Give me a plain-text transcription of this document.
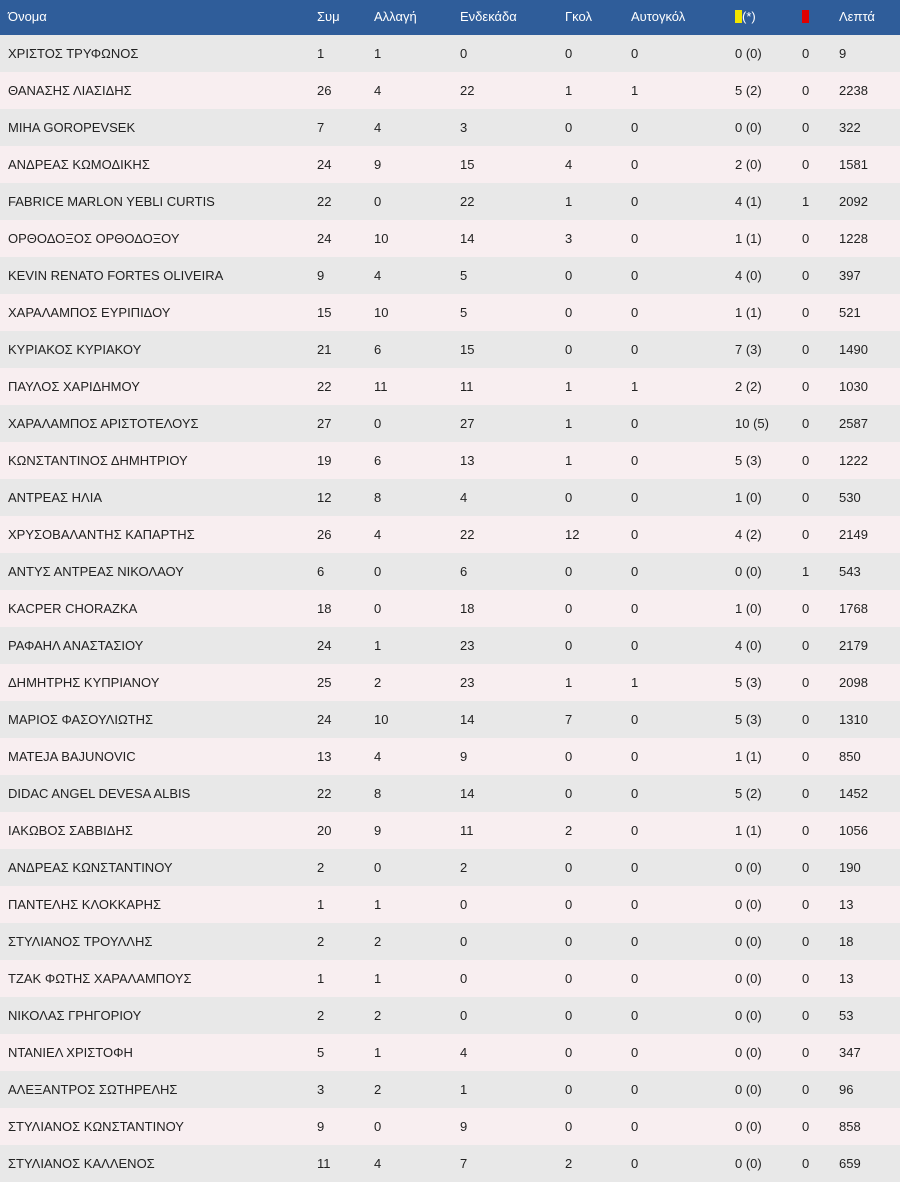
Όνομα	Συμ	Αλλαγή	Ενδεκάδα	Γκολ	Αυτογκόλ	(*)		Λεπτά
ΧΡΙΣΤΟΣ ΤΡΥΦΩΝΟΣ	1	1	0	0	0	0 (0)	0	9
ΘΑΝΑΣΗΣ ΛΙΑΣΙΔΗΣ	26	4	22	1	1	5 (2)	0	2238
MIHA GOROPEVSEK	7	4	3	0	0	0 (0)	0	322
ΑΝΔΡΕΑΣ ΚΩΜΟΔΙΚΗΣ	24	9	15	4	0	2 (0)	0	1581
FABRICE MARLON YEBLI CURTIS	22	0	22	1	0	4 (1)	1	2092
ΟΡΘΟΔΟΞΟΣ ΟΡΘΟΔΟΞΟΥ	24	10	14	3	0	1 (1)	0	1228
KEVIN RENATO FORTES OLIVEIRA	9	4	5	0	0	4 (0)	0	397
ΧΑΡΑΛΑΜΠΟΣ ΕΥΡΙΠΙΔΟΥ	15	10	5	0	0	1 (1)	0	521
ΚΥΡΙΑΚΟΣ ΚΥΡΙΑΚΟΥ	21	6	15	0	0	7 (3)	0	1490
ΠΑΥΛΟΣ ΧΑΡΙΔΗΜΟΥ	22	11	11	1	1	2 (2)	0	1030
ΧΑΡΑΛΑΜΠΟΣ ΑΡΙΣΤΟΤΕΛΟΥΣ	27	0	27	1	0	10 (5)	0	2587
ΚΩΝΣΤΑΝΤΙΝΟΣ ΔΗΜΗΤΡΙΟΥ	19	6	13	1	0	5 (3)	0	1222
ΑΝΤΡΕΑΣ ΗΛΙΑ	12	8	4	0	0	1 (0)	0	530
ΧΡΥΣΟΒΑΛΑΝΤΗΣ ΚΑΠΑΡΤΗΣ	26	4	22	12	0	4 (2)	0	2149
ΑΝΤΥΣ ΑΝΤΡΕΑΣ ΝΙΚΟΛΑΟΥ	6	0	6	0	0	0 (0)	1	543
KACPER CHORAZKA	18	0	18	0	0	1 (0)	0	1768
ΡΑΦΑΗΛ ΑΝΑΣΤΑΣΙΟΥ	24	1	23	0	0	4 (0)	0	2179
ΔΗΜΗΤΡΗΣ ΚΥΠΡΙΑΝΟΥ	25	2	23	1	1	5 (3)	0	2098
ΜΑΡΙΟΣ ΦΑΣΟΥΛΙΩΤΗΣ	24	10	14	7	0	5 (3)	0	1310
MATEJA BAJUNOVIC	13	4	9	0	0	1 (1)	0	850
DIDAC ANGEL DEVESA ALBIS	22	8	14	0	0	5 (2)	0	1452
ΙΑΚΩΒΟΣ ΣΑΒΒΙΔΗΣ	20	9	11	2	0	1 (1)	0	1056
ΑΝΔΡΕΑΣ ΚΩΝΣΤΑΝΤΙΝΟΥ	2	0	2	0	0	0 (0)	0	190
ΠΑΝΤΕΛΗΣ ΚΛΟΚΚΑΡΗΣ	1	1	0	0	0	0 (0)	0	13
ΣΤΥΛΙΑΝΟΣ ΤΡΟΥΛΛΗΣ	2	2	0	0	0	0 (0)	0	18
ΤΖΑΚ ΦΩΤΗΣ ΧΑΡΑΛΑΜΠΟΥΣ	1	1	0	0	0	0 (0)	0	13
ΝΙΚΟΛΑΣ ΓΡΗΓΟΡΙΟΥ	2	2	0	0	0	0 (0)	0	53
ΝΤΑΝΙΕΛ ΧΡΙΣΤΟΦΗ	5	1	4	0	0	0 (0)	0	347
ΑΛΕΞΑΝΤΡΟΣ ΣΩΤΗΡΕΛΗΣ	3	2	1	0	0	0 (0)	0	96
ΣΤΥΛΙΑΝΟΣ ΚΩΝΣΤΑΝΤΙΝΟΥ	9	0	9	0	0	0 (0)	0	858
ΣΤΥΛΙΑΝΟΣ ΚΑΛΛΕΝΟΣ	11	4	7	2	0	0 (0)	0	659
